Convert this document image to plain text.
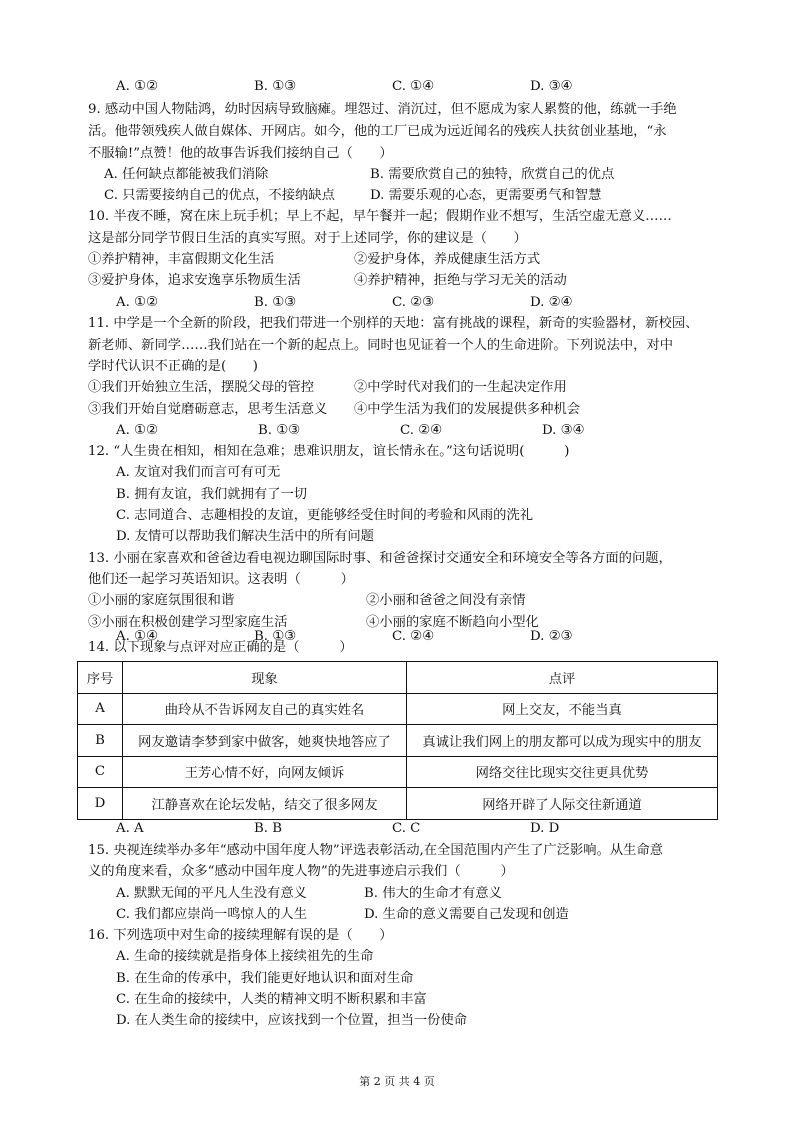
A. ①②	B. ①③	C. ①④	D. ③④
9. 感动中国人物陆鸿，幼时因病导致脑瘫。埋怨过、消沉过，但不愿成为家人累赘的他，练就一手绝
活。他带领残疾人做自媒体、开网店。如今，他的工厂已成为远近闻名的残疾人扶贫创业基地，“永
不服输!”点赞！他的故事告诉我们接纳自己（　　）
A. 任何缺点都能被我们消除	B. 需要欣赏自己的独特，欣赏自己的优点
C. 只需要接纳自己的优点，不接纳缺点	D. 需要乐观的心态，更需要勇气和智慧
10. 半夜不睡，窝在床上玩手机；早上不起，早午餐并一起；假期作业不想写，生活空虚无意义……
这是部分同学节假日生活的真实写照。对于上述同学，你的建议是（　　）
①养护精神，丰富假期文化生活	②爱护身体，养成健康生活方式
③爱护身体，追求安逸享乐物质生活	④养护精神，拒绝与学习无关的活动
A. ①②	B. ①③	C. ②③	D. ②④
11. 中学是一个全新的阶段，把我们带进一个别样的天地：富有挑战的课程，新奇的实验器材，新校园、
新老师、新同学……我们站在一个新的起点上。同时也见证着一个人的生命进阶。下列说法中，对中
学时代认识不正确的是(　　)
①我们开始独立生活，摆脱父母的管控	②中学时代对我们的一生起决定作用
③我们开始自觉磨砺意志，思考生活意义 ④中学生活为我们的发展提供多种机会
A. ①②	B. ①③	C. ②④	D. ③④
12. “人生贵在相知，相知在急难；患难识朋友，谊长情永在。”这句话说明(　　　)
A. 友谊对我们而言可有可无
B. 拥有友谊，我们就拥有了一切
C. 志同道合、志趣相投的友谊，更能够经受住时间的考验和风雨的洗礼
D. 友情可以帮助我们解决生活中的所有问题
13. 小丽在家喜欢和爸爸边看电视边聊国际时事、和爸爸探讨交通安全和环境安全等各方面的问题，
他们还一起学习英语知识。这表明（　　　）
①小丽的家庭氛围很和谐	②小丽和爸爸之间没有亲情
③小丽在积极创建学习型家庭生活	④小丽的家庭不断趋向小型化
A. ①④	B. ①③	C. ②④	D. ②③
14. 以下现象与点评对应正确的是（　　　）
序号	现象	点评
A	曲玲从不告诉网友自己的真实姓名	网上交友，不能当真
B	网友邀请李梦到家中做客，她爽快地答应了	真诚让我们网上的朋友都可以成为现实中的朋友
C	王芳心情不好，向网友倾诉	网络交往比现实交往更具优势
D	江静喜欢在论坛发帖，结交了很多网友	网络开辟了人际交往新通道
A. A	B. B	C. C	D. D
15. 央视连续举办多年“感动中国年度人物”评选表彰活动,在全国范围内产生了广泛影响。从生命意
义的角度来看，众多“感动中国年度人物”的先进事迹启示我们（　　　）
A. 默默无闻的平凡人生没有意义	B. 伟大的生命才有意义
C. 我们都应崇尚一鸣惊人的人生	D. 生命的意义需要自己发现和创造
16. 下列选项中对生命的接续理解有误的是（　　）
A. 生命的接续就是指身体上接续祖先的生命
B. 在生命的传承中，我们能更好地认识和面对生命
C. 在生命的接续中，人类的精神文明不断积累和丰富
D. 在人类生命的接续中，应该找到一个位置，担当一份使命
第 2 页 共 4 页
